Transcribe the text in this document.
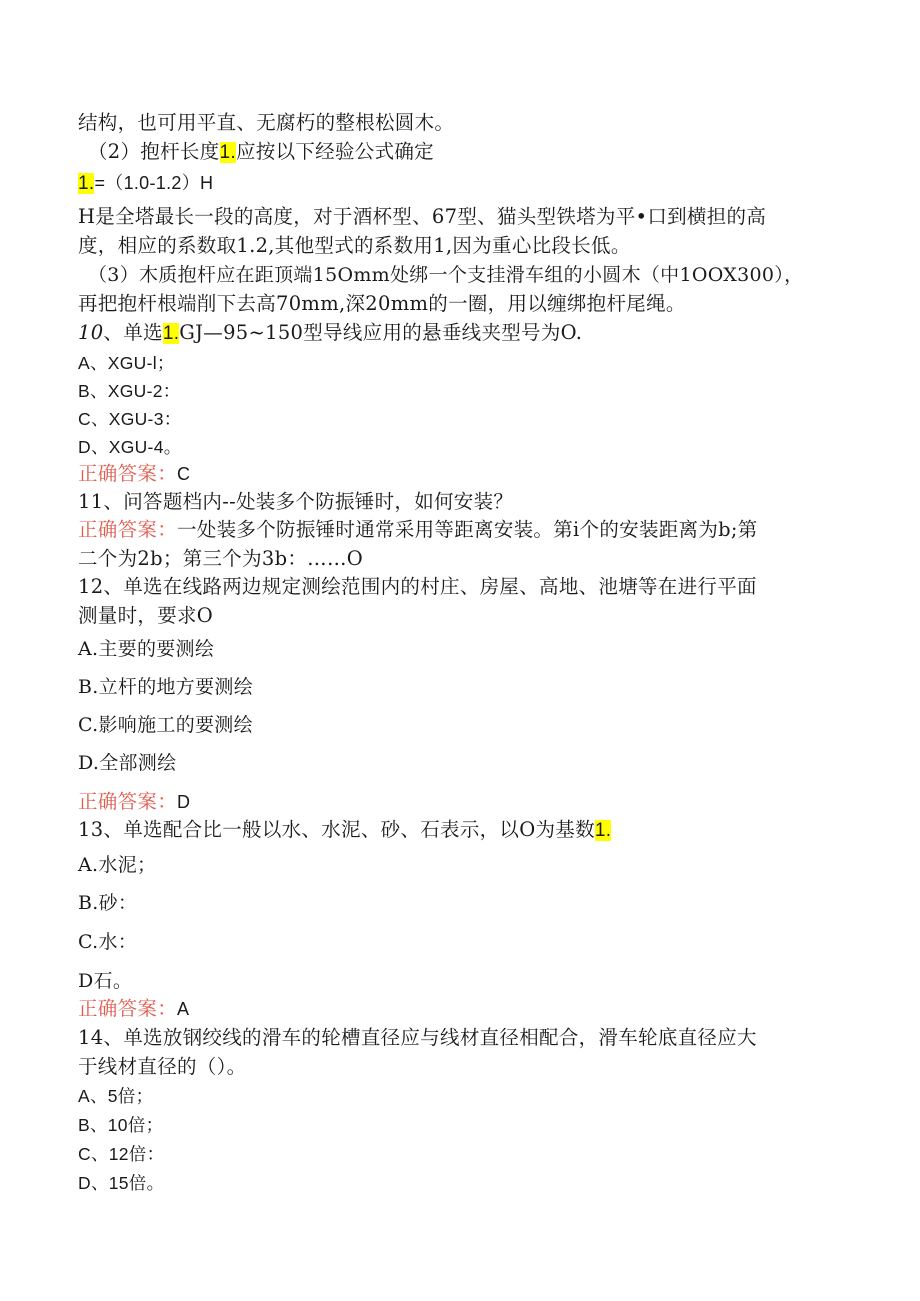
结构，也可用平直、无腐朽的整根松圆木。
（2）抱杆长度1.应按以下经验公式确定
1.=（1.0-1.2）H
H是全塔最长一段的高度，对于酒杯型、67型、猫头型铁塔为平•口到横担的高
度，相应的系数取1.2,其他型式的系数用1,因为重心比段长低。
（3）木质抱杆应在距顶端15Omm处绑一个支挂滑车组的小圆木（中1OOX300），
再把抱杆根端削下去高70mm,深20mm的一圈，用以缠绑抱杆尾绳。
10、单选1.GJ—95~150型导线应用的悬垂线夹型号为O.
A、XGU-l；
B、XGU-2：
C、XGU-3：
D、XGU-4。
正确答案：C
11、问答题档内--处装多个防振锤时，如何安装？
正确答案：一处装多个防振锤时通常采用等距离安装。第i个的安装距离为b;第
二个为2b；第三个为3b：……O
12、单选在线路两边规定测绘范围内的村庄、房屋、高地、池塘等在进行平面
测量时，要求O
A.主要的要测绘
B.立杆的地方要测绘
C.影响施工的要测绘
D.全部测绘
正确答案：D
13、单选配合比一般以水、水泥、砂、石表示，以O为基数1.
A.水泥；
B.砂：
C.水：
D石。
正确答案：A
14、单选放钢绞线的滑车的轮槽直径应与线材直径相配合，滑车轮底直径应大
于线材直径的（）。
A、5倍；
B、10倍；
C、12倍：
D、15倍。
